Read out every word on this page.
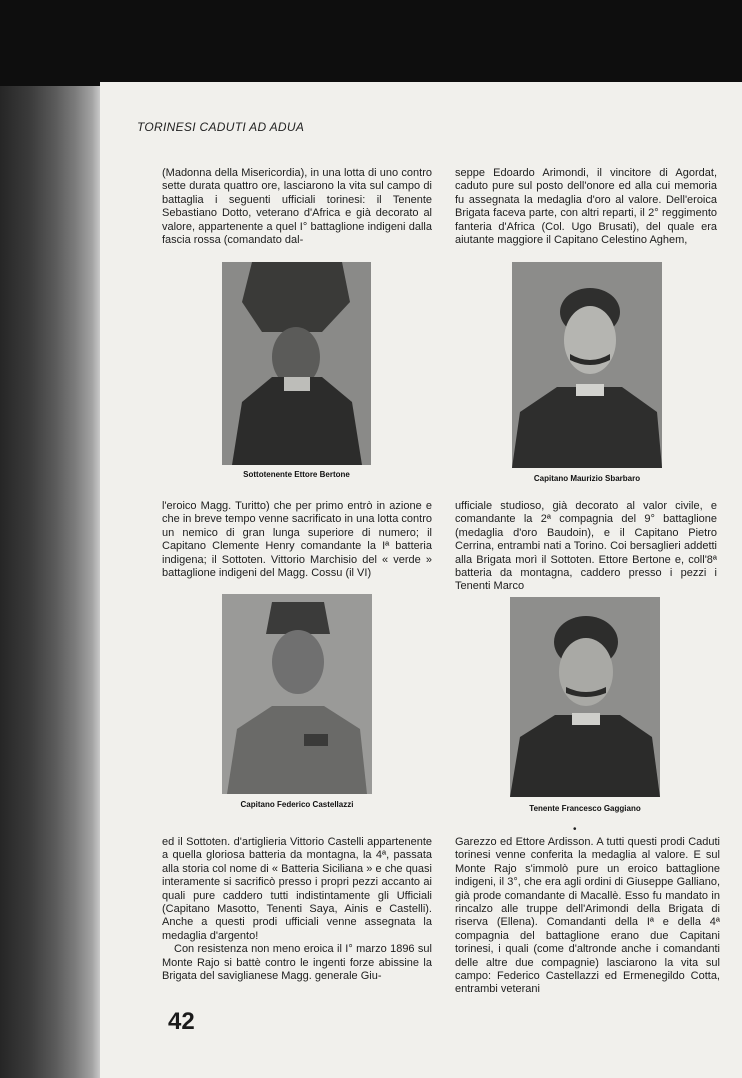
TORINESI CADUTI AD ADUA

(Madonna della Misericordia), in una lotta di uno contro sette durata quattro ore, lasciarono la vita sul campo di battaglia i seguenti ufficiali torinesi: il Tenente Sebastiano Dotto, veterano d'Africa e già decorato al valore, appartenente a quel I° battaglione indigeni dalla fascia rossa (comandato dal-

seppe Edoardo Arimondi, il vincitore di Agordat, caduto pure sul posto dell'onore ed alla cui memoria fu assegnata la medaglia d'oro al valore. Dell'eroica Brigata faceva parte, con altri reparti, il 2° reggimento fanteria d'Africa (Col. Ugo Brusati), del quale era aiutante maggiore il Capitano Celestino Aghem,

Sottotenente Ettore Bertone	Capitano Maurizio Sbarbaro

l'eroico Magg. Turitto) che per primo entrò in azione e che in breve tempo venne sacrificato in una lotta contro un nemico di gran lunga superiore di numero; il Capitano Clemente Henry comandante la Iª batteria indigena; il Sottoten. Vittorio Marchisio del « verde » battaglione indigeni del Magg. Cossu (il VI)

ufficiale studioso, già decorato al valor civile, e comandante la 2ª compagnia del 9° battaglione (medaglia d'oro Baudoin), e il Capitano Pietro Cerrina, entrambi nati a Torino. Coi bersaglieri addetti alla Brigata morì il Sottoten. Ettore Bertone e, coll'8ª batteria da montagna, caddero presso i pezzi i Tenenti Marco

Capitano Federico Castellazzi	Tenente Francesco Gaggiano
•

ed il Sottoten. d'artiglieria Vittorio Castelli appartenente a quella gloriosa batteria da montagna, la 4ª, passata alla storia col nome di « Batteria Siciliana » e che quasi interamente si sacrificò presso i propri pezzi accanto ai quali pure caddero tutti indistintamente gli Ufficiali (Capitano Masotto, Tenenti Saya, Ainis e Castelli). Anche a questi prodi ufficiali venne assegnata la medaglia d'argento!

Con resistenza non meno eroica il I° marzo 1896 sul Monte Rajo si battè contro le ingenti forze abissine la Brigata del saviglianese Magg. generale Giu-

Garezzo ed Ettore Ardisson. A tutti questi prodi Caduti torinesi venne conferita la medaglia al valore. E sul Monte Rajo s'immolò pure un eroico battaglione indigeni, il 3°, che era agli ordini di Giuseppe Galliano, già prode comandante di Macallè. Esso fu mandato in rincalzo alle truppe dell'Arimondi della Brigata di riserva (Ellena). Comandanti della Iª e della 4ª compagnia del battaglione erano due Capitani torinesi, i quali (come d'altronde anche i comandanti delle altre due compagnie) lasciarono la vita sul campo: Federico Castellazzi ed Ermenegildo Cotta, entrambi veterani

42
